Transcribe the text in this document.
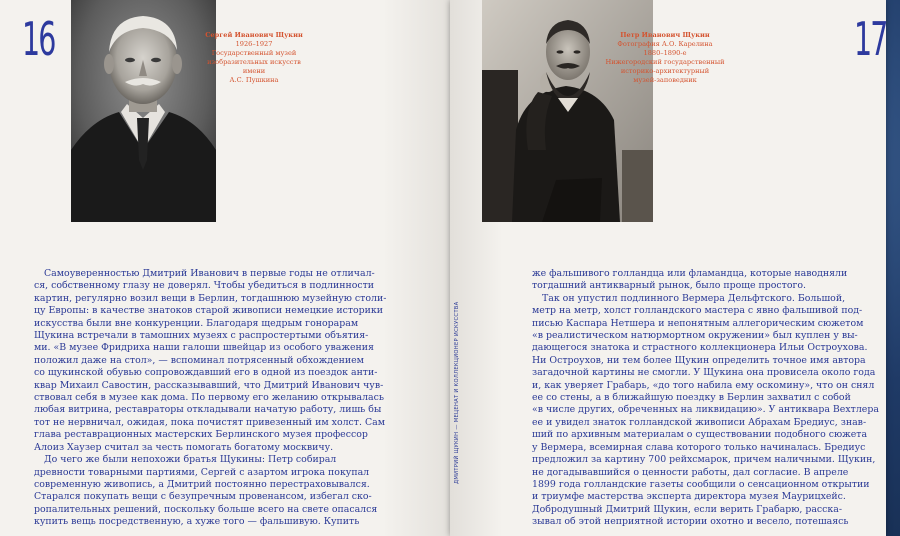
16	Сергей Иванович Щукин
1926–1927
Государственный музей
изобразительных искусств имени
А.С. Пушкина

Самоуверенностью Дмитрий Иванович в первые годы не отличал-

ся, собственному глазу не доверял. Чтобы убедиться в подлинности

картин, регулярно возил вещи в Берлин, тогдашнюю музейную столи-

цу Европы: в качестве знатоков старой живописи немецкие историки

искусства были вне конкуренции. Благодаря щедрым гонорарам

Щукина встречали в тамошних музеях с распростертыми объятия-

ми. «В музее Фридриха наши галоши швейцар из особого уважения

положил даже на стол», — вспоминал потрясенный обхождением

со щукинской обувью сопровождавший его в одной из поездок анти-

квар Михаил Савостин, рассказывавший, что Дмитрий Иванович чув-

ствовал себя в музее как дома. По первому его желанию открывалась

любая витрина, реставраторы откладывали начатую работу, лишь бы

тот не нервничал, ожидая, пока почистят привезенный им холст. Сам

глава реставрационных мастерских Берлинского музея профессор

Алоиз Хаузер считал за честь помогать богатому москвичу.

До чего же были непохожи братья Щукины: Петр собирал

древности товарными партиями, Сергей с азартом игрока покупал

современную живопись, а Дмитрий постоянно перестраховывался.

Старался покупать вещи с безупречным провенансом, избегал ско-

ропалительных решений, поскольку больше всего на свете опасался

купить вещь посредственную, а хуже того — фальшивую. Купить

17
Петр Иванович Щукин
Фотография А.О. Карелина
1880–1890-е
Нижегородский государственный
историко-архитектурный
музей-заповедник
ДМИТРИЙ ЩУКИН — МЕЦЕНАТ И КОЛЛЕКЦИОНЕР ИСКУССТВА

же фальшивого голландца или фламандца, которые наводняли

тогдашний антикварный рынок, было проще простого.

Так он упустил подлинного Вермера Дельфтского. Большой,

метр на метр, холст голландского мастера с явно фальшивой под-

писью Каспара Нетшера и непонятным аллегорическим сюжетом

«в реалистическом натюрмортном окружении» был куплен у вы-

дающегося знатока и страстного коллекционера Ильи Остроухова.

Ни Остроухов, ни тем более Щукин определить точное имя автора

загадочной картины не смогли. У Щукина она провисела около года

и, как уверяет Грабарь, «до того набила ему оскомину», что он снял

ее со стены, а в ближайшую поездку в Берлин захватил с собой

«в числе других, обреченных на ликвидацию». У антиквара Вехтлера

ее и увидел знаток голландской живописи Абрахам Бредиус, знав-

ший по архивным материалам о существовании подобного сюжета

у Вермера, всемирная слава которого только начиналась. Бредиус

предложил за картину 700 рейхсмарок, причем наличными. Щукин,

не догадывавшийся о ценности работы, дал согласие. В апреле

1899 года голландские газеты сообщили о сенсационном открытии

и триумфе мастерства эксперта директора музея Маурицхейс.

Добродушный Дмитрий Щукин, если верить Грабарю, расска-

зывал об этой неприятной истории охотно и весело, потешаясь
